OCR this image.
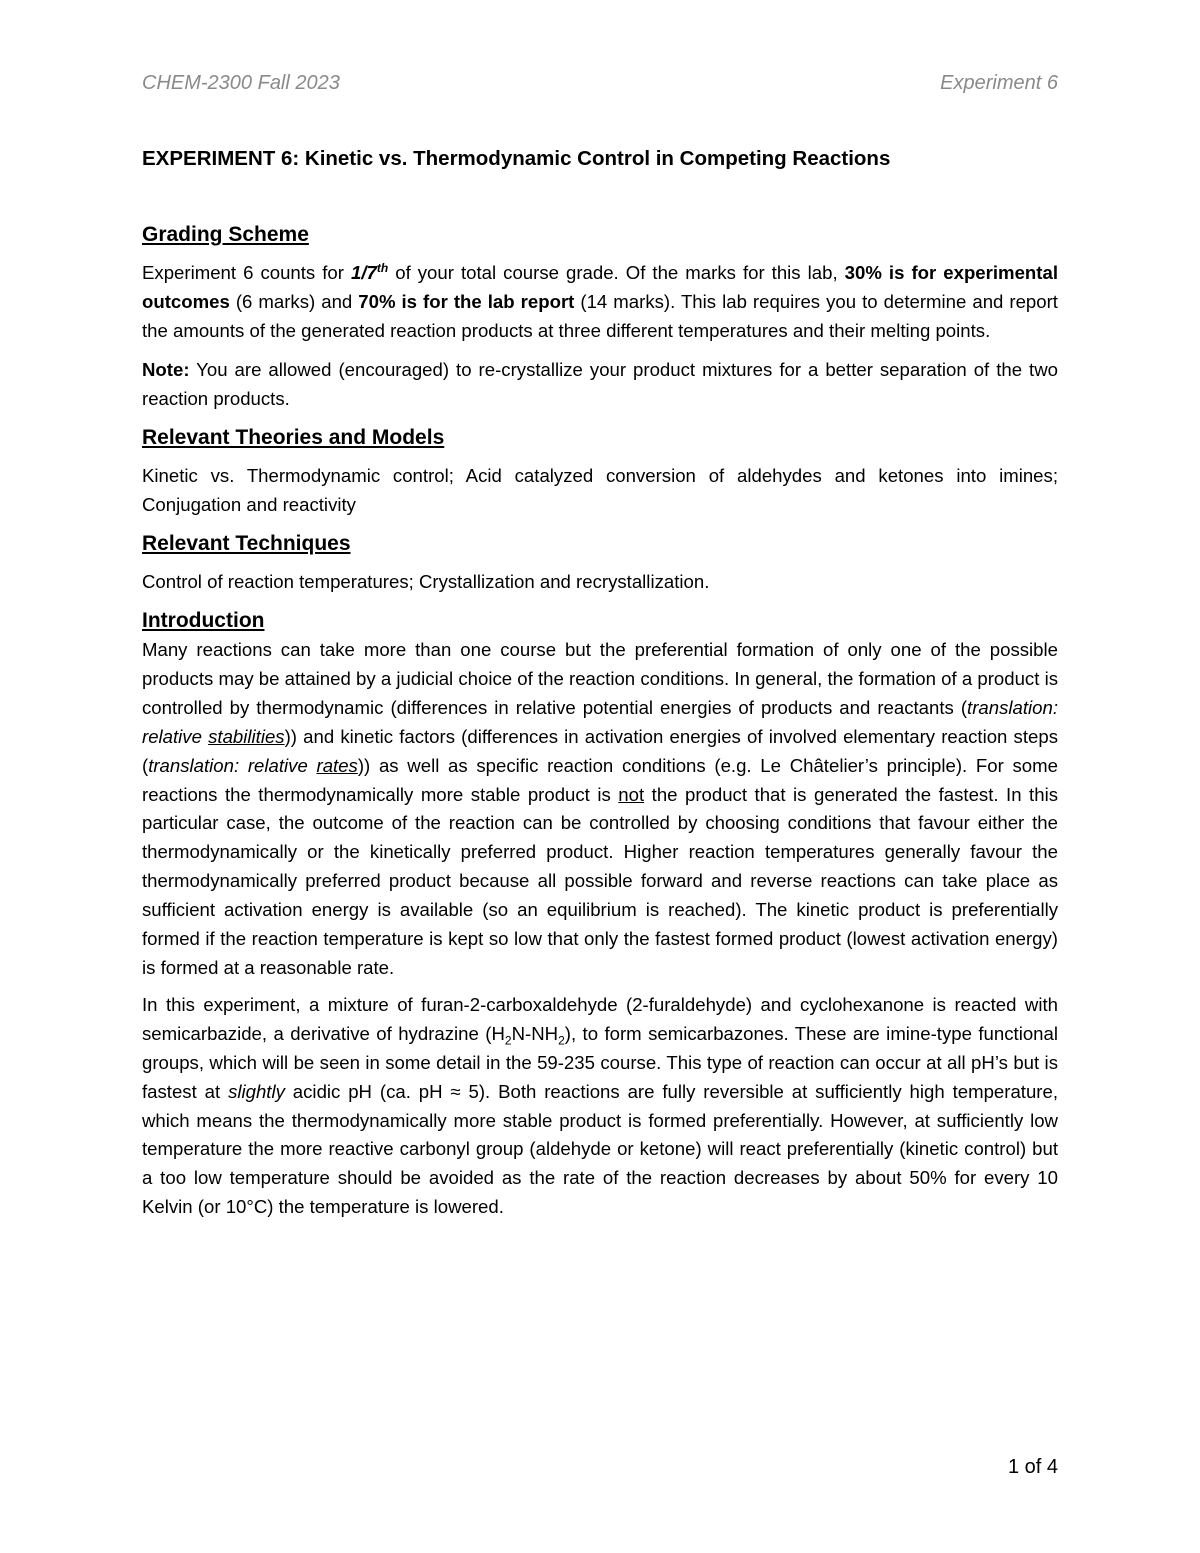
CHEM-2300 Fall 2023	Experiment 6
EXPERIMENT 6: Kinetic vs. Thermodynamic Control in Competing Reactions
Grading Scheme

Experiment 6 counts for 1/7th of your total course grade. Of the marks for this lab, 30% is for experimental outcomes (6 marks) and 70% is for the lab report (14 marks). This lab requires you to determine and report the amounts of the generated reaction products at three different temperatures and their melting points.

Note: You are allowed (encouraged) to re-crystallize your product mixtures for a better separation of the two reaction products.

Relevant Theories and Models

Kinetic vs. Thermodynamic control; Acid catalyzed conversion of aldehydes and ketones into imines; Conjugation and reactivity

Relevant Techniques

Control of reaction temperatures; Crystallization and recrystallization.

Introduction

Many reactions can take more than one course but the preferential formation of only one of the possible products may be attained by a judicial choice of the reaction conditions. In general, the formation of a product is controlled by thermodynamic (differences in relative potential energies of products and reactants (translation: relative stabilities)) and kinetic factors (differences in activation energies of involved elementary reaction steps (translation: relative rates)) as well as specific reaction conditions (e.g. Le Châtelier’s principle). For some reactions the thermodynamically more stable product is not the product that is generated the fastest. In this particular case, the outcome of the reaction can be controlled by choosing conditions that favour either the thermodynamically or the kinetically preferred product. Higher reaction temperatures generally favour the thermodynamically preferred product because all possible forward and reverse reactions can take place as sufficient activation energy is available (so an equilibrium is reached). The kinetic product is preferentially formed if the reaction temperature is kept so low that only the fastest formed product (lowest activation energy) is formed at a reasonable rate.

In this experiment, a mixture of furan-2-carboxaldehyde (2-furaldehyde) and cyclohexanone is reacted with semicarbazide, a derivative of hydrazine $(H_2N-NH_2)$, to form semicarbazones. These are imine-type functional groups, which will be seen in some detail in the 59-235 course. This type of reaction can occur at all pH’s but is fastest at slightly acidic pH (ca. pH ≈ 5). Both reactions are fully reversible at sufficiently high temperature, which means the thermodynamically more stable product is formed preferentially. However, at sufficiently low temperature the more reactive carbonyl group (aldehyde or ketone) will react preferentially (kinetic control) but a too low temperature should be avoided as the rate of the reaction decreases by about 50% for every 10 Kelvin (or 10°C) the temperature is lowered.

1 of 4
